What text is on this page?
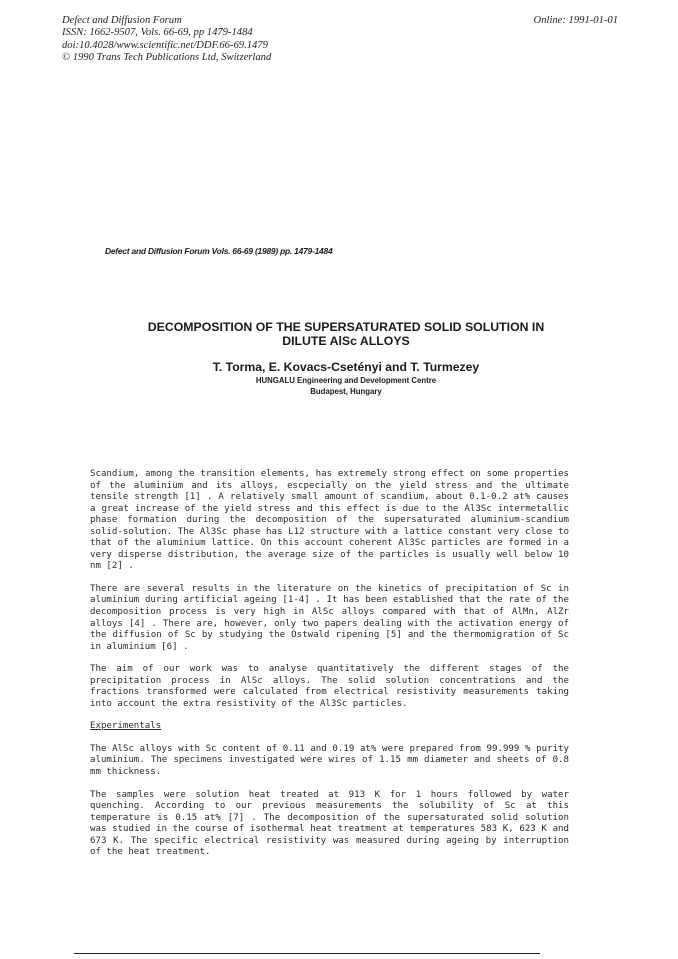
Defect and Diffusion Forum
ISSN: 1662-9507, Vols. 66-69, pp 1479-1484
doi:10.4028/www.scientific.net/DDF.66-69.1479
© 1990 Trans Tech Publications Ltd, Switzerland
Online: 1991-01-01
Defect and Diffusion Forum Vols. 66-69 (1989) pp. 1479-1484
DECOMPOSITION OF THE SUPERSATURATED SOLID SOLUTION IN
DILUTE AlSc ALLOYS
T. Torma, E. Kovacs-Csetényi and T. Turmezey
HUNGALU Engineering and Development Centre
Budapest, Hungary

Scandium, among the transition elements, has extremely strong effect on some properties of the aluminium and its alloys, escpecially on the yield stress and the ultimate tensile strength [1] . A relatively small amount of scandium, about 0.1-0.2 at% causes a great increase of the yield stress and this effect is due to the Al3Sc intermetallic phase formation during the decomposition of the supersaturated aluminium-scandium solid-solution. The Al3Sc phase has L12 structure with a lattice constant very close to that of the aluminium lattice. On this account coherent Al3Sc particles are formed in a very disperse distribution, the average size of the particles is usually well below 10 nm [2] .

There are several results in the literature on the kinetics of precipitation of Sc in aluminium during artificial ageing [1-4] . It has been established that the rate of the decomposition process is very high in AlSc alloys compared with that of AlMn, AlZr alloys [4] . There are, however, only two papers dealing with the activation energy of the diffusion of Sc by studying the Ostwald ripening [5] and the thermomigration of Sc in aluminium [6] .

The aim of our work was to analyse quantitatively the different stages of the precipitation process in AlSc alloys. The solid solution concentrations and the fractions transformed were calculated from electrical resistivity measurements taking into account the extra resistivity of the Al3Sc particles.

Experimentals

The AlSc alloys with Sc content of 0.11 and 0.19 at% were prepared from 99.999 % purity aluminium. The specimens investigated were wires of 1.15 mm diameter and sheets of 0.8 mm thickness.

The samples were solution heat treated at 913 K for 1 hours followed by water quenching. According to our previous measurements the solubility of Sc at this temperature is 0.15 at% [7] . The decomposition of the supersaturated solid solution was studied in the course of isothermal heat treatment at temperatures 583 K, 623 K and 673 K. The specific electrical resistivity was measured during ageing by interruption of the heat treatment.
